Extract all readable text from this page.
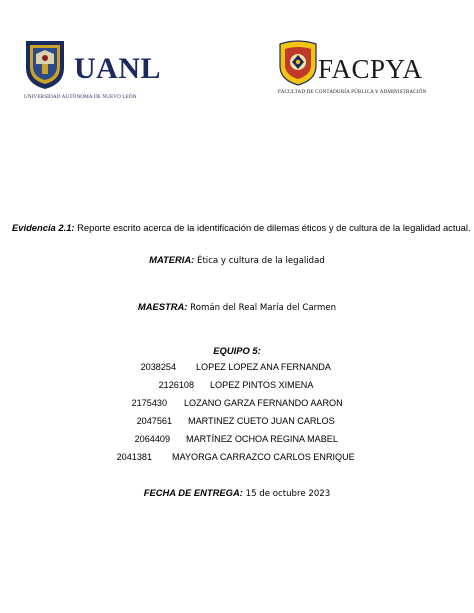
UANL
UNIVERSIDAD AUTÓNOMA DE NUEVO LEÓN
FACPYA
FACULTAD DE CONTADURÍA PÚBLICA Y ADMINISTRACIÓN
Evidencia 2.1: Reporte escrito acerca de la identificación de dilemas éticos y de cultura de la legalidad actual.
MATERIA: Ética y cultura de la legalidad
MAESTRA: Román del Real María del Carmen
EQUIPO 5:
2038254 LOPEZ LOPEZ ANA FERNANDA
2126108 LOPEZ PINTOS XIMENA
2175430 LOZANO GARZA FERNANDO AARON
2047561 MARTINEZ CUETO JUAN CARLOS
2064409 MARTÍNEZ OCHOA REGINA MABEL
2041381 MAYORGA CARRAZCO CARLOS ENRIQUE
FECHA DE ENTREGA: 15 de octubre 2023
